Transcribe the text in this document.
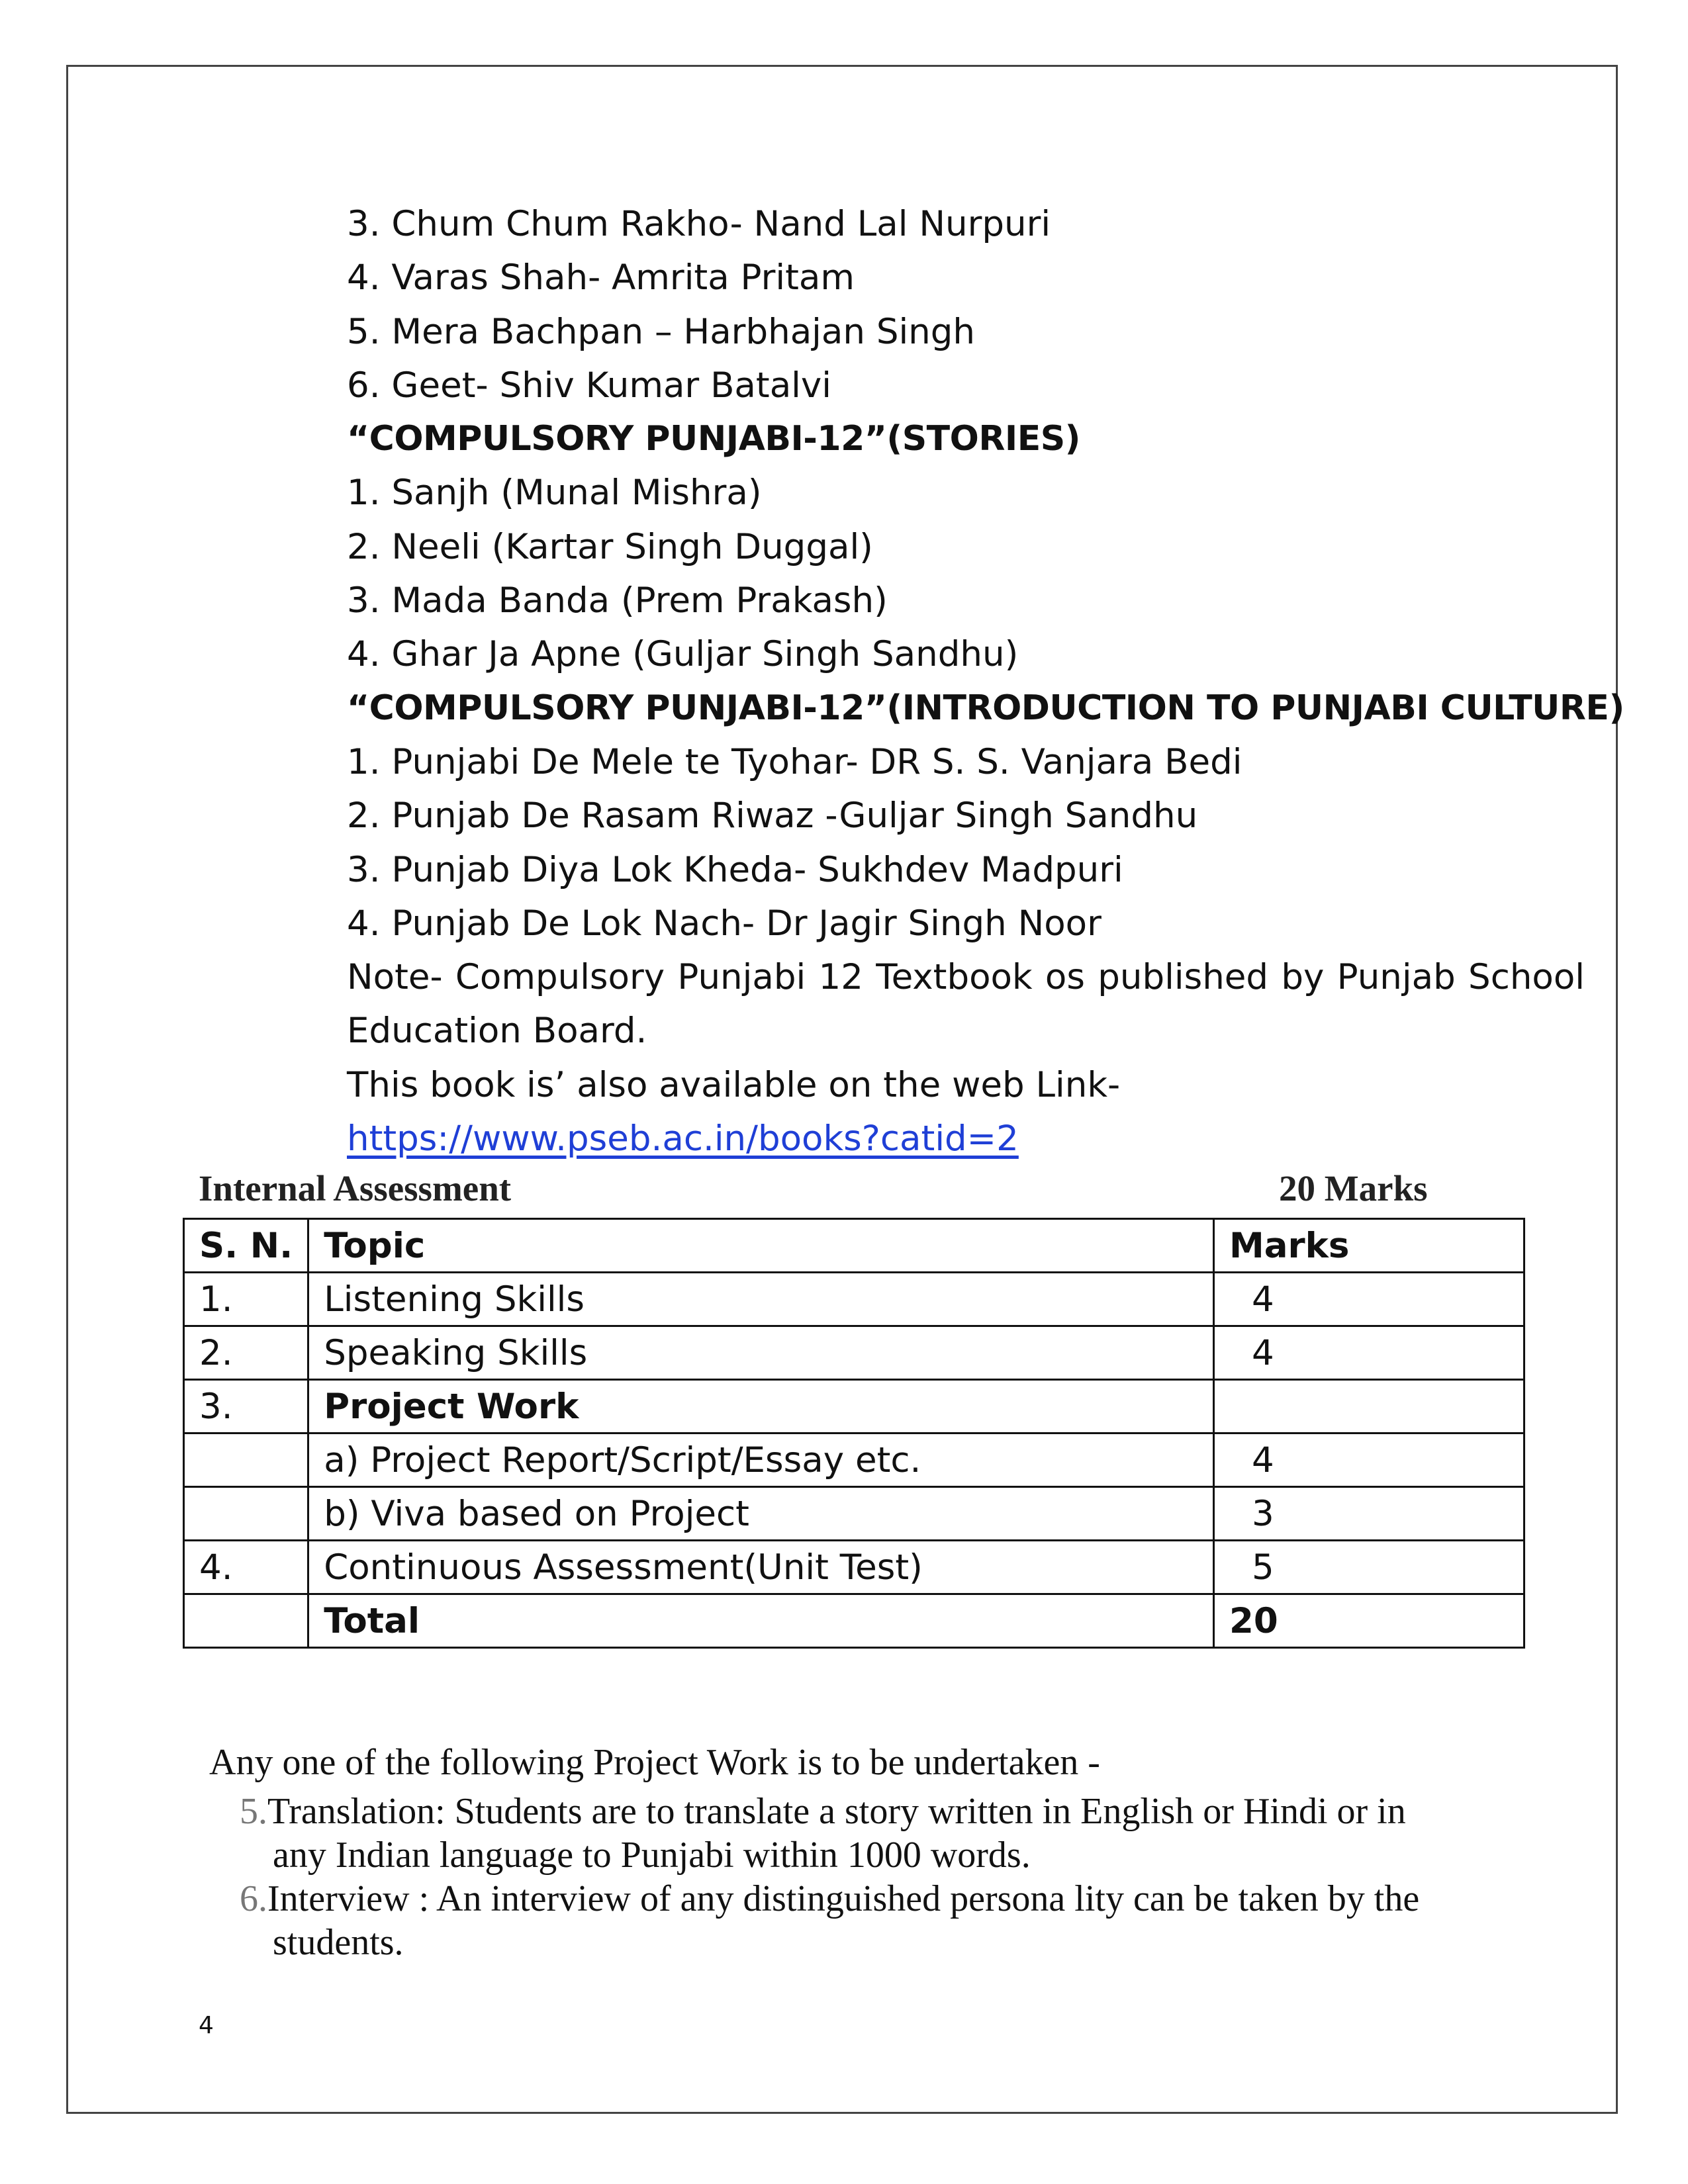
3. Chum Chum Rakho- Nand Lal Nurpuri
4. Varas Shah- Amrita Pritam
5. Mera Bachpan – Harbhajan Singh
6. Geet- Shiv Kumar Batalvi
“COMPULSORY PUNJABI-12”(STORIES)
1. Sanjh (Munal Mishra)
2. Neeli (Kartar Singh Duggal)
3. Mada Banda (Prem Prakash)
4. Ghar Ja Apne (Guljar Singh Sandhu)
“COMPULSORY PUNJABI-12”(INTRODUCTION TO PUNJABI CULTURE)
1. Punjabi De Mele te Tyohar- DR S. S. Vanjara Bedi
2. Punjab De Rasam Riwaz -Guljar Singh Sandhu
3. Punjab Diya Lok Kheda- Sukhdev Madpuri
4. Punjab De Lok Nach- Dr Jagir Singh Noor
Note- Compulsory Punjabi 12 Textbook os published by Punjab School Education Board.
This book is’ also available on the web Link-
https://www.pseb.ac.in/books?catid=2
Internal Assessment	20 Marks
S. N.	Topic	Marks
1.	Listening Skills	4
2.	Speaking Skills	4
3.	Project Work	
	a) Project Report/Script/Essay etc.	4
	b) Viva based on Project	3
4.	Continuous Assessment(Unit Test)	5
	Total	20
Any one of the following Project Work is to be undertaken -
5.Translation: Students are to translate a story written in English or Hindi or in
any Indian language to Punjabi within 1000 words.
6.Interview : An interview of any distinguished persona lity can be taken by the
students.
4
